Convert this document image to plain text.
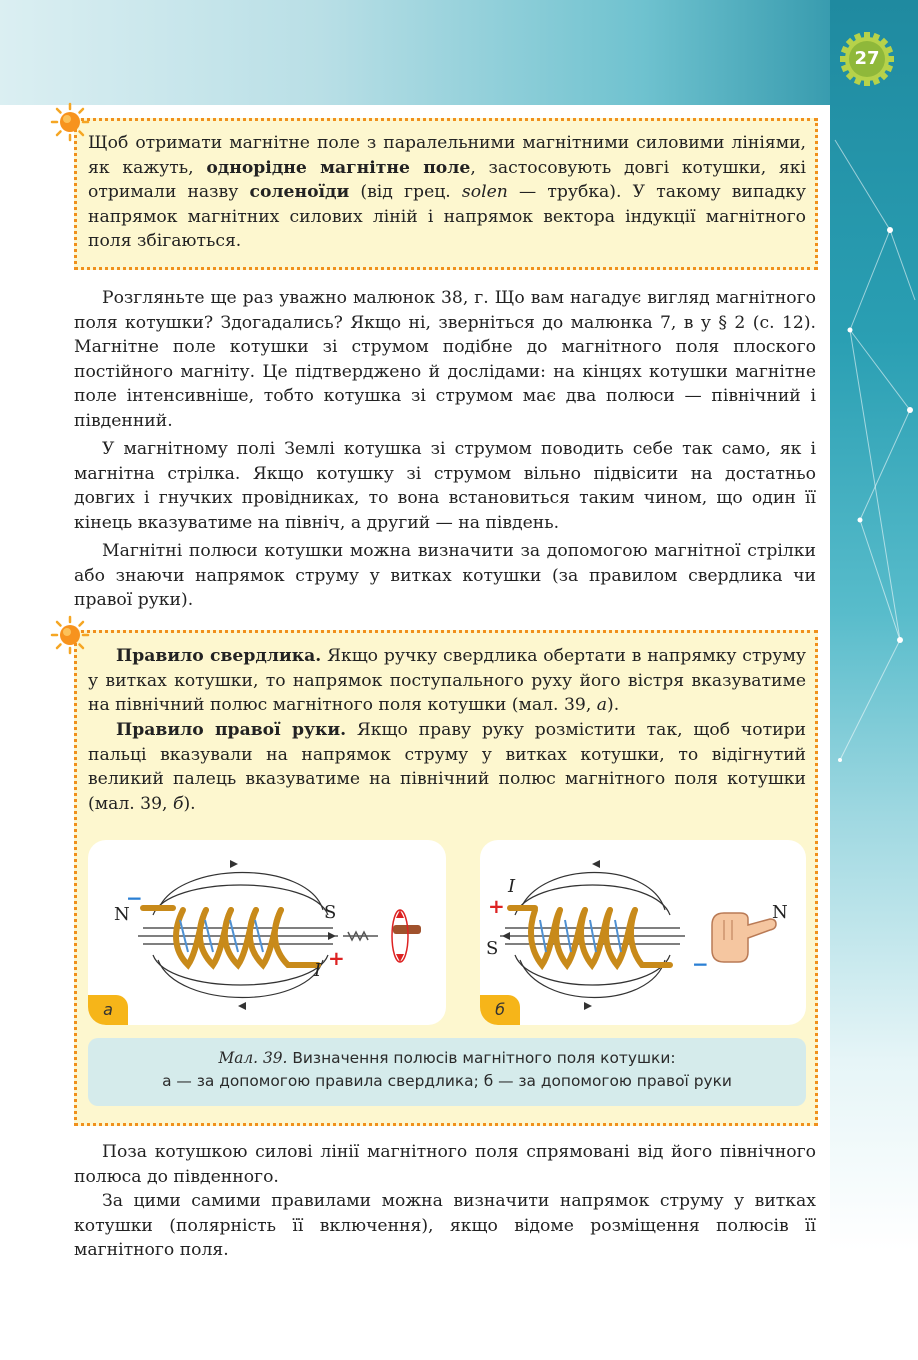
27

Щоб отримати магнітне поле з паралельними магнітними силовими лініями, як кажуть, однорідне магнітне поле, застосовують довгі котушки, які отримали назву соленоїди (від грец. solen — трубка). У такому випадку напрямок магнітних силових ліній і напрямок вектора індукції магнітного поля збігаються.

Розгляньте ще раз уважно малюнок 38, г. Що вам нагадує вигляд магнітного поля котушки? Здогадались? Якщо ні, зверніться до малюнка 7, в у § 2 (с. 12). Магнітне поле котушки зі струмом подібне до магнітного поля плоского постійного магніту. Це підтверджено й дослідами: на кінцях котушки магнітне поле інтенсивніше, тобто котушка зі струмом має два полюси — північний і південний.

У магнітному полі Землі котушка зі струмом поводить себе так само, як і магнітна стрілка. Якщо котушку зі струмом вільно підвісити на достатньо довгих і гнучких провідниках, то вона встановиться таким чином, що один її кінець вказуватиме на північ, а другий — на південь.

Магнітні полюси котушки можна визначити за допомогою магнітної стрілки або знаючи напрямок струму у витках котушки (за правилом свердлика чи правої руки).

Правило свердлика. Якщо ручку свердлика обертати в напрямку струму у витках котушки, то напрямок поступального руху його вістря вказуватиме на північний полюс магнітного поля котушки (мал. 39, а).

Правило правої руки. Якщо праву руку розмістити так, щоб чотири пальці вказували на напрямок струму у витках котушки, то відігнутий великий палець вказуватиме на північний полюс магнітного поля котушки (мал. 39, б).

N	S
I
−
+
а
N
S
I
+
−
б
Мал. 39. Визначення полюсів магнітного поля котушки:
а — за допомогою правила свердлика; б — за допомогою правої руки

Поза котушкою силові лінії магнітного поля спрямовані від його північного полюса до південного.

За цими самими правилами можна визначити напрямок струму у витках котушки (полярність її включення), якщо відоме розміщення полюсів її магнітного поля.
